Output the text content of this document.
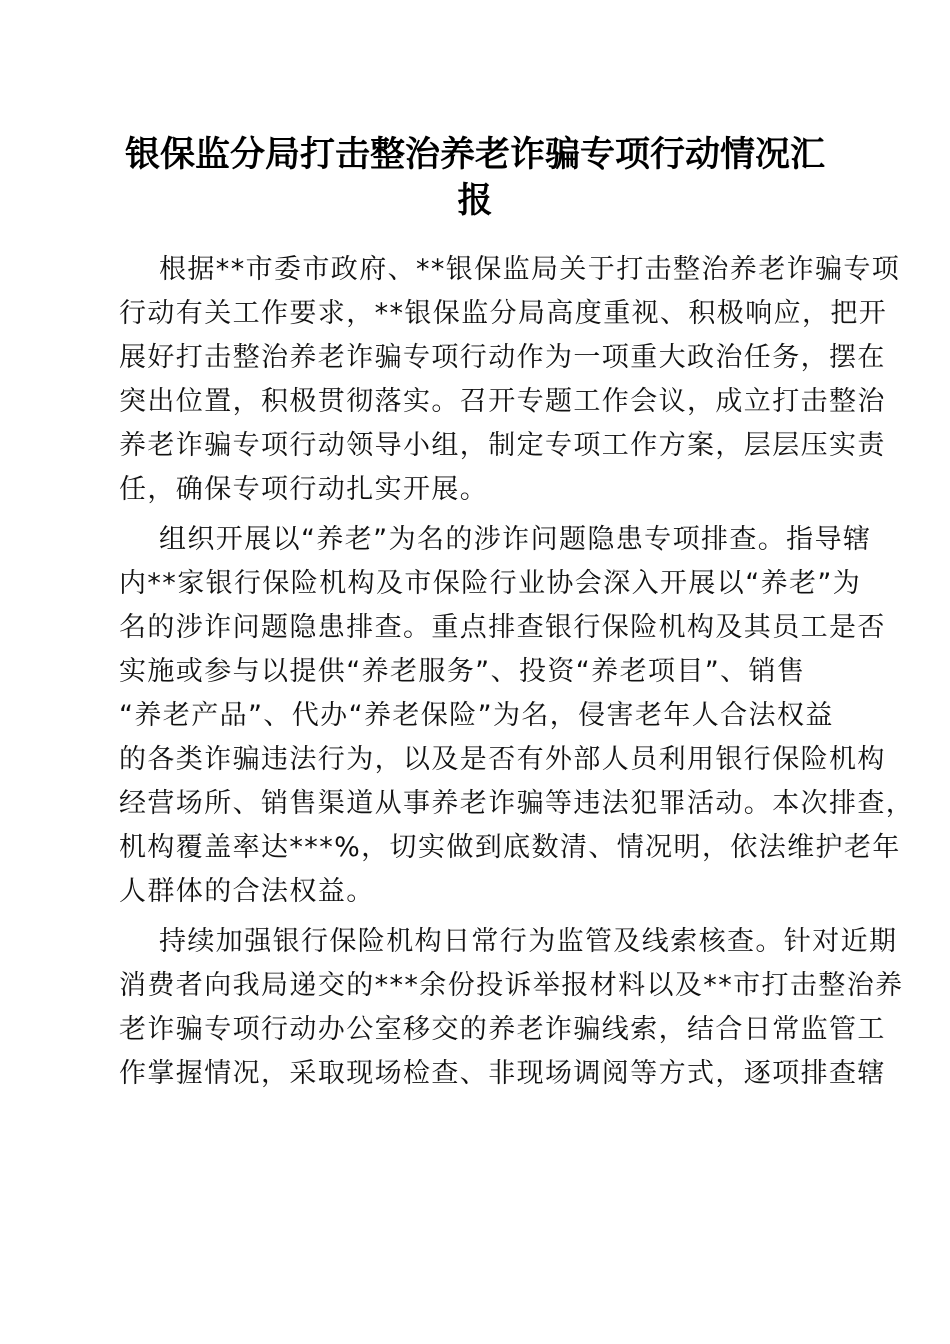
银保监分局打击整治养老诈骗专项行动情况汇
报
根据**市委市政府、**银保监局关于打击整治养老诈骗专项
行动有关工作要求，**银保监分局高度重视、积极响应，把开
展好打击整治养老诈骗专项行动作为一项重大政治任务，摆在
突出位置，积极贯彻落实。召开专题工作会议，成立打击整治
养老诈骗专项行动领导小组，制定专项工作方案，层层压实责
任，确保专项行动扎实开展。
组织开展以“养老”为名的涉诈问题隐患专项排查。指导辖
内**家银行保险机构及市保险行业协会深入开展以“养老”为
名的涉诈问题隐患排查。重点排查银行保险机构及其员工是否
实施或参与以提供“养老服务”、投资“养老项目”、销售
“养老产品”、代办“养老保险”为名，侵害老年人合法权益
的各类诈骗违法行为，以及是否有外部人员利用银行保险机构
经营场所、销售渠道从事养老诈骗等违法犯罪活动。本次排查，
机构覆盖率达***%，切实做到底数清、情况明，依法维护老年
人群体的合法权益。
持续加强银行保险机构日常行为监管及线索核查。针对近期
消费者向我局递交的***余份投诉举报材料以及**市打击整治养
老诈骗专项行动办公室移交的养老诈骗线索，结合日常监管工
作掌握情况，采取现场检查、非现场调阅等方式，逐项排查辖
